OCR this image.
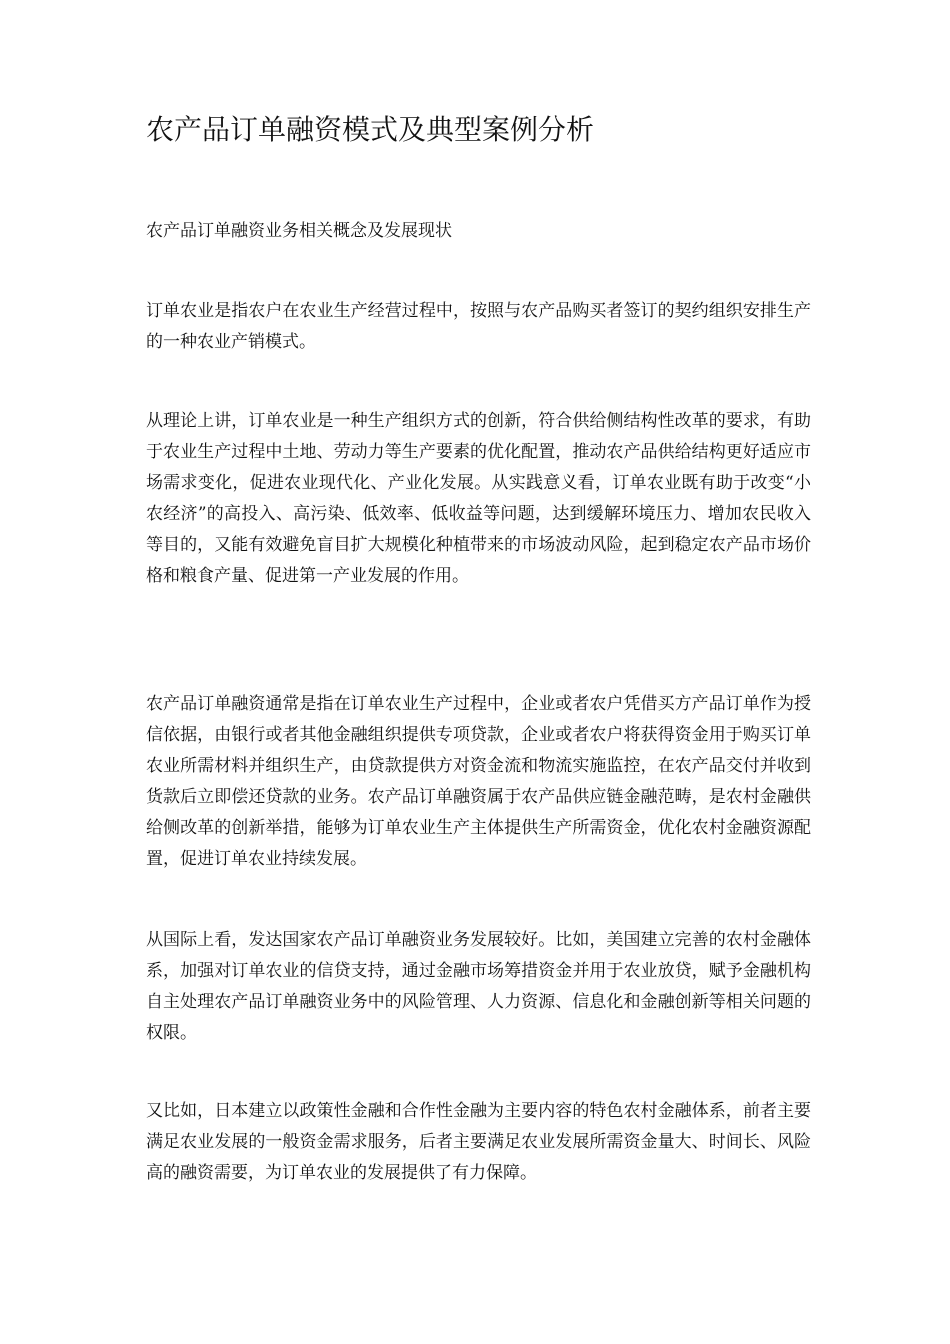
农产品订单融资模式及典型案例分析
农产品订单融资业务相关概念及发展现状

订单农业是指农户在农业生产经营过程中，按照与农产品购买者签订的契约组织安排生产的一种农业产销模式。

从理论上讲，订单农业是一种生产组织方式的创新，符合供给侧结构性改革的要求，有助于农业生产过程中土地、劳动力等生产要素的优化配置，推动农产品供给结构更好适应市场需求变化，促进农业现代化、产业化发展。从实践意义看，订单农业既有助于改变“小农经济”的高投入、高污染、低效率、低收益等问题，达到缓解环境压力、增加农民收入等目的，又能有效避免盲目扩大规模化种植带来的市场波动风险，起到稳定农产品市场价格和粮食产量、促进第一产业发展的作用。

农产品订单融资通常是指在订单农业生产过程中，企业或者农户凭借买方产品订单作为授信依据，由银行或者其他金融组织提供专项贷款，企业或者农户将获得资金用于购买订单农业所需材料并组织生产，由贷款提供方对资金流和物流实施监控，在农产品交付并收到货款后立即偿还贷款的业务。农产品订单融资属于农产品供应链金融范畴，是农村金融供给侧改革的创新举措，能够为订单农业生产主体提供生产所需资金，优化农村金融资源配置，促进订单农业持续发展。

从国际上看，发达国家农产品订单融资业务发展较好。比如，美国建立完善的农村金融体系，加强对订单农业的信贷支持，通过金融市场筹措资金并用于农业放贷，赋予金融机构自主处理农产品订单融资业务中的风险管理、人力资源、信息化和金融创新等相关问题的权限。

又比如，日本建立以政策性金融和合作性金融为主要内容的特色农村金融体系，前者主要满足农业发展的一般资金需求服务，后者主要满足农业发展所需资金量大、时间长、风险高的融资需要，为订单农业的发展提供了有力保障。
